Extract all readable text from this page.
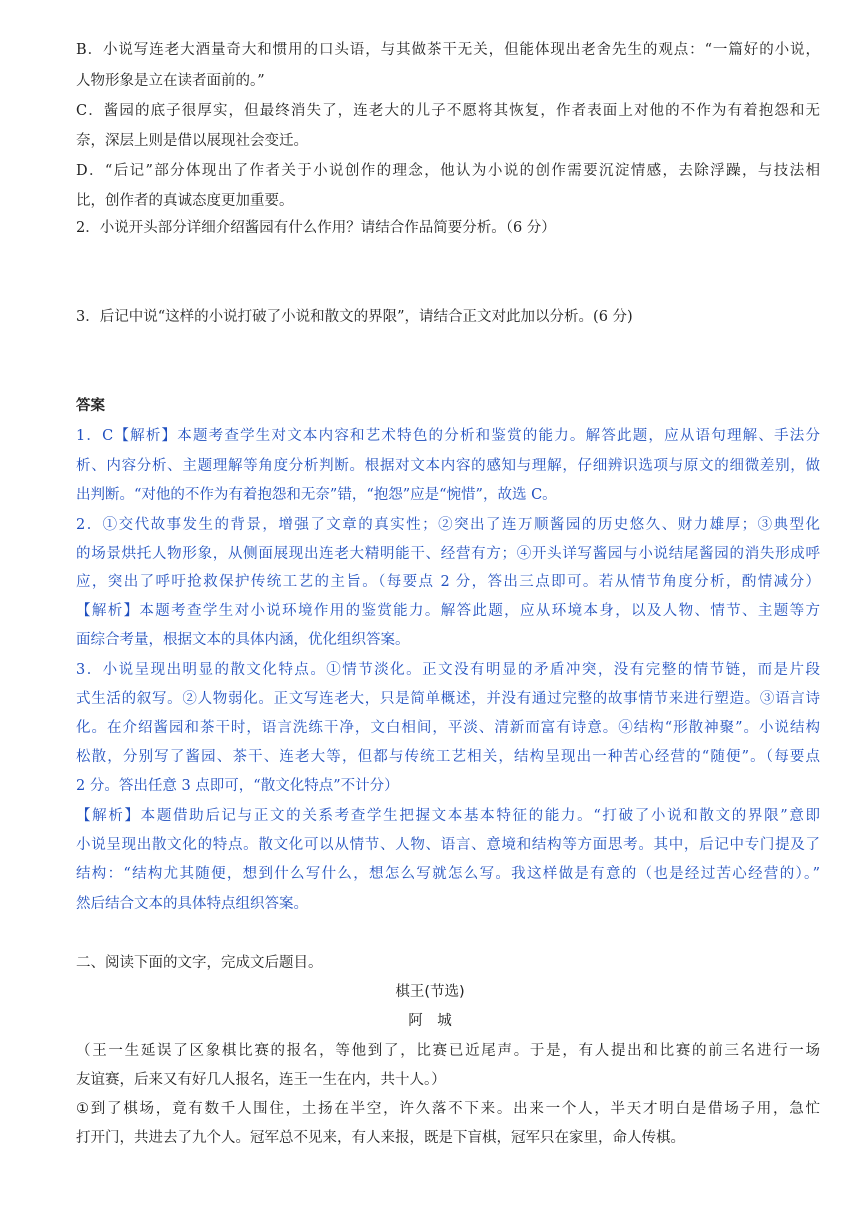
B．小说写连老大酒量奇大和惯用的口头语，与其做茶干无关，但能体现出老舍先生的观点：“一篇好的小说，
人物形象是立在读者面前的。”
C．酱园的底子很厚实，但最终消失了，连老大的儿子不愿将其恢复，作者表面上对他的不作为有着抱怨和无
奈，深层上则是借以展现社会变迁。
D．“后记”部分体现出了作者关于小说创作的理念，他认为小说的创作需要沉淀情感，去除浮躁，与技法相
比，创作者的真诚态度更加重要。
2．小说开头部分详细介绍酱园有什么作用？请结合作品简要分析。（6 分）
3．后记中说“这样的小说打破了小说和散文的界限”，请结合正文对此加以分析。(6 分)
答案
1．C【解析】本题考查学生对文本内容和艺术特色的分析和鉴赏的能力。解答此题，应从语句理解、手法分
析、内容分析、主题理解等角度分析判断。根据对文本内容的感知与理解，仔细辨识选项与原文的细微差别，做
出判断。“对他的不作为有着抱怨和无奈”错，“抱怨”应是“惋惜”，故选 C。
2．①交代故事发生的背景，增强了文章的真实性；②突出了连万顺酱园的历史悠久、财力雄厚；③典型化
的场景烘托人物形象，从侧面展现出连老大精明能干、经营有方；④开头详写酱园与小说结尾酱园的消失形成呼
应，突出了呼吁抢救保护传统工艺的主旨。（每要点 2 分，答出三点即可。若从情节角度分析，酌情减分）
【解析】本题考查学生对小说环境作用的鉴赏能力。解答此题，应从环境本身，以及人物、情节、主题等方
面综合考量，根据文本的具体内涵，优化组织答案。
3．小说呈现出明显的散文化特点。①情节淡化。正文没有明显的矛盾冲突，没有完整的情节链，而是片段
式生活的叙写。②人物弱化。正文写连老大，只是简单概述，并没有通过完整的故事情节来进行塑造。③语言诗
化。在介绍酱园和茶干时，语言洗练干净，文白相间，平淡、清新而富有诗意。④结构“形散神聚”。小说结构
松散，分别写了酱园、茶干、连老大等，但都与传统工艺相关，结构呈现出一种苦心经营的“随便”。（每要点
2 分。答出任意 3 点即可，“散文化特点”不计分）
【解析】本题借助后记与正文的关系考查学生把握文本基本特征的能力。“打破了小说和散文的界限”意即
小说呈现出散文化的特点。散文化可以从情节、人物、语言、意境和结构等方面思考。其中，后记中专门提及了
结构：“结构尤其随便，想到什么写什么，想怎么写就怎么写。我这样做是有意的（也是经过苦心经营的）。”
然后结合文本的具体特点组织答案。
二、阅读下面的文字，完成文后题目。
棋王(节选)
阿　城
（王一生延误了区象棋比赛的报名，等他到了，比赛已近尾声。于是，有人提出和比赛的前三名进行一场
友谊赛，后来又有好几人报名，连王一生在内，共十人。）
①到了棋场，竟有数千人围住，土扬在半空，许久落不下来。出来一个人，半天才明白是借场子用，急忙
打开门，共进去了九个人。冠军总不见来，有人来报，既是下盲棋，冠军只在家里，命人传棋。
